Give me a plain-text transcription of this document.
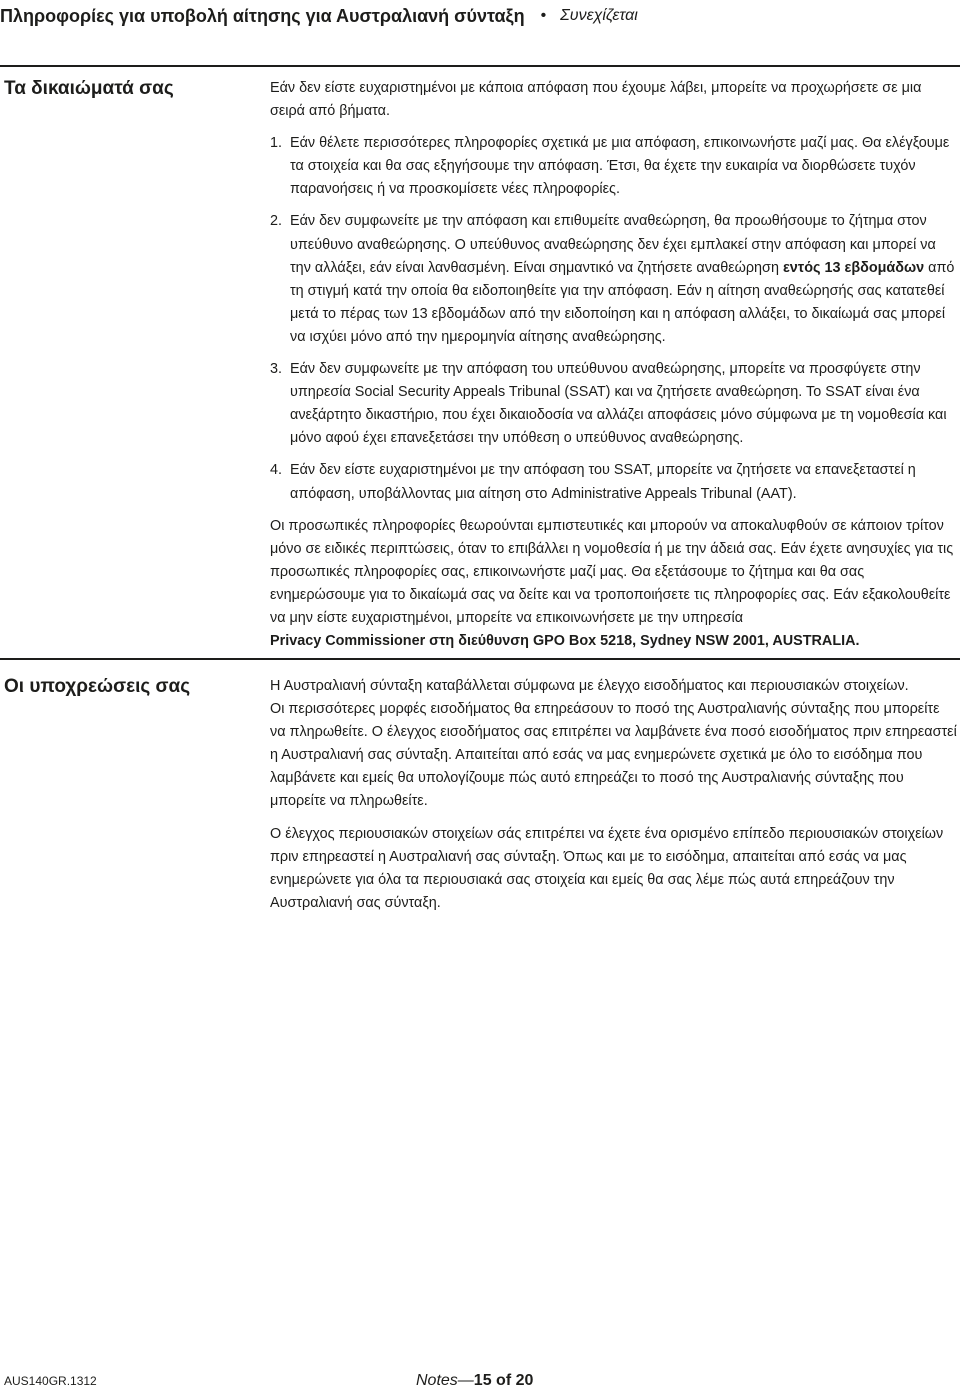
Πληροφορίες για υποβολή αίτησης για Αυστραλιανή σύνταξη • Συνεχίζεται
Τα δικαιώματά σας	Εάν δεν είστε ευχαριστημένοι με κάποια απόφαση που έχουμε λάβει, μπορείτε να προχωρήσετε σε μια σειρά από βήματα.

1. Εάν θέλετε περισσότερες πληροφορίες σχετικά με μια απόφαση, επικοινωνήστε μαζί μας. Θα ελέγξουμε τα στοιχεία και θα σας εξηγήσουμε την απόφαση. Έτσι, θα έχετε την ευκαιρία να διορθώσετε τυχόν παρανοήσεις ή να προσκομίσετε νέες πληροφορίες.
2. Εάν δεν συμφωνείτε με την απόφαση και επιθυμείτε αναθεώρηση, θα προωθήσουμε το ζήτημα στον υπεύθυνο αναθεώρησης. Ο υπεύθυνος αναθεώρησης δεν έχει εμπλακεί στην απόφαση και μπορεί να την αλλάξει, εάν είναι λανθασμένη. Είναι σημαντικό να ζητήσετε αναθεώρηση εντός 13 εβδομάδων από τη στιγμή κατά την οποία θα ειδοποιηθείτε για την απόφαση. Εάν η αίτηση αναθεώρησής σας κατατεθεί μετά το πέρας των 13 εβδομάδων από την ειδοποίηση και η απόφαση αλλάξει, το δικαίωμά σας μπορεί να ισχύει μόνο από την ημερομηνία αίτησης αναθεώρησης.
3. Εάν δεν συμφωνείτε με την απόφαση του υπεύθυνου αναθεώρησης, μπορείτε να προσφύγετε στην υπηρεσία Social Security Appeals Tribunal (SSAT) και να ζητήσετε αναθεώρηση. Το SSAT είναι ένα ανεξάρτητο δικαστήριο, που έχει δικαιοδοσία να αλλάζει αποφάσεις μόνο σύμφωνα με τη νομοθεσία και μόνο αφού έχει επανεξετάσει την υπόθεση ο υπεύθυνος αναθεώρησης.
4. Εάν δεν είστε ευχαριστημένοι με την απόφαση του SSAT, μπορείτε να ζητήσετε να επανεξεταστεί η απόφαση, υποβάλλοντας μια αίτηση στο Administrative Appeals Tribunal (AAT).

Οι προσωπικές πληροφορίες θεωρούνται εμπιστευτικές και μπορούν να αποκαλυφθούν σε κάποιον τρίτον μόνο σε ειδικές περιπτώσεις, όταν το επιβάλλει η νομοθεσία ή με την άδειά σας. Εάν έχετε ανησυχίες για τις προσωπικές πληροφορίες σας, επικοινωνήστε μαζί μας. Θα εξετάσουμε το ζήτημα και θα σας ενημερώσουμε για το δικαίωμά σας να δείτε και να τροποποιήσετε τις πληροφορίες σας. Εάν εξακολουθείτε να μην είστε ευχαριστημένοι, μπορείτε να επικοινωνήσετε με την υπηρεσία
Privacy Commissioner στη διεύθυνση GPO Box 5218, Sydney NSW 2001, AUSTRALIA.

Οι υποχρεώσεις σας	Η Αυστραλιανή σύνταξη καταβάλλεται σύμφωνα με έλεγχο εισοδήματος και περιουσιακών στοιχείων.

Οι περισσότερες μορφές εισοδήματος θα επηρεάσουν το ποσό της Αυστραλιανής σύνταξης που μπορείτε να πληρωθείτε. Ο έλεγχος εισοδήματος σας επιτρέπει να λαμβάνετε ένα ποσό εισοδήματος πριν επηρεαστεί η Αυστραλιανή σας σύνταξη. Απαιτείται από εσάς να μας ενημερώνετε σχετικά με όλο το εισόδημα που λαμβάνετε και εμείς θα υπολογίζουμε πώς αυτό επηρεάζει το ποσό της Αυστραλιανής σύνταξης που μπορείτε να πληρωθείτε.

Ο έλεγχος περιουσιακών στοιχείων σάς επιτρέπει να έχετε ένα ορισμένο επίπεδο περιουσιακών στοιχείων πριν επηρεαστεί η Αυστραλιανή σας σύνταξη. Όπως και με το εισόδημα, απαιτείται από εσάς να μας ενημερώνετε για όλα τα περιουσιακά σας στοιχεία και εμείς θα σας λέμε πώς αυτά επηρεάζουν την Αυστραλιανή σας σύνταξη.

AUS140GR.1312	Notes—15 of 20
